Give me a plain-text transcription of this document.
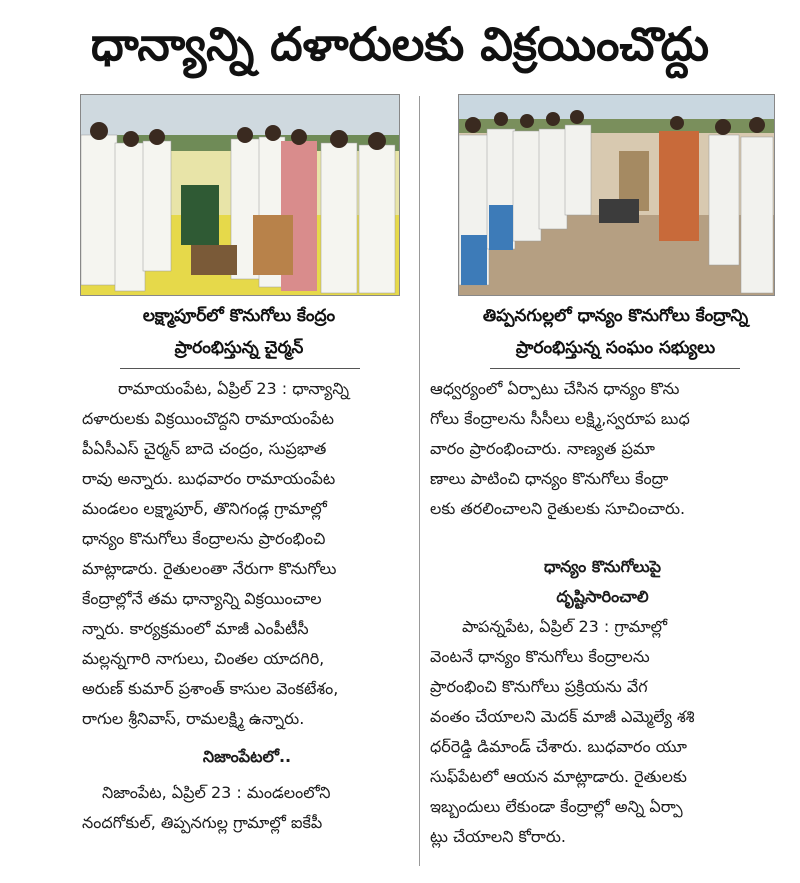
ధాన్యాన్ని దళారులకు విక్రయించొద్దు
లక్ష్మాపూర్‌లో కొనుగోలు కేంద్రం
ప్రారంభిస్తున్న చైర్మన్
తిప్పనగుల్లలో ధాన్యం కొనుగోలు కేంద్రాన్ని
ప్రారంభిస్తున్న సంఘం సభ్యులు

రామాయంపేట, ఏప్రిల్ 23 : ధాన్యాన్ని

దళారులకు విక్రయించొద్దని రామాయంపేట

పీఏసీఎస్ చైర్మన్ బాదె చంద్రం, సుప్రభాత

రావు అన్నారు. బుధవారం రామాయంపేట

మండలం లక్ష్మాపూర్, తొనిగండ్ల గ్రామాల్లో

ధాన్యం కొనుగోలు కేంద్రాలను ప్రారంభించి

మాట్లాడారు. రైతులంతా నేరుగా కొనుగోలు

కేంద్రాల్లోనే తమ ధాన్యాన్ని విక్రయించాల

న్నారు. కార్యక్రమంలో మాజీ ఎంపీటీసీ

మల్లన్నగారి నాగులు, చింతల యాదగిరి,

అరుణ్ కుమార్ ప్రశాంత్ కాసుల వెంకటేశం,

రాగుల శ్రీనివాస్, రామలక్ష్మి ఉన్నారు.

నిజాంపేటలో..

నిజాంపేట, ఏప్రిల్ 23 : మండలంలోని

నందగోకుల్, తిప్పనగుల్ల గ్రామాల్లో ఐకేపీ

ఆధ్వర్యంలో ఏర్పాటు చేసిన ధాన్యం కొను

గోలు కేంద్రాలను సీసీలు లక్ష్మి,స్వరూప బుధ

వారం ప్రారంభించారు. నాణ్యత ప్రమా

ణాలు పాటించి ధాన్యం కొనుగోలు కేంద్రా

లకు తరలించాలని రైతులకు సూచించారు.

ధాన్యం కొనుగోలుపై
దృష్టిసారించాలి

పాపన్నపేట, ఏప్రిల్ 23 : గ్రామాల్లో

వెంటనే ధాన్యం కొనుగోలు కేంద్రాలను

ప్రారంభించి కొనుగోలు ప్రక్రియను వేగ

వంతం చేయాలని మెదక్ మాజీ ఎమ్మెల్యే శశి

ధర్‌రెడ్డి డిమాండ్ చేశారు. బుధవారం యూ

సుఫ్‌పేటలో ఆయన మాట్లాడారు. రైతులకు

ఇబ్బందులు లేకుండా కేంద్రాల్లో అన్ని ఏర్పా

ట్లు చేయాలని కోరారు.
